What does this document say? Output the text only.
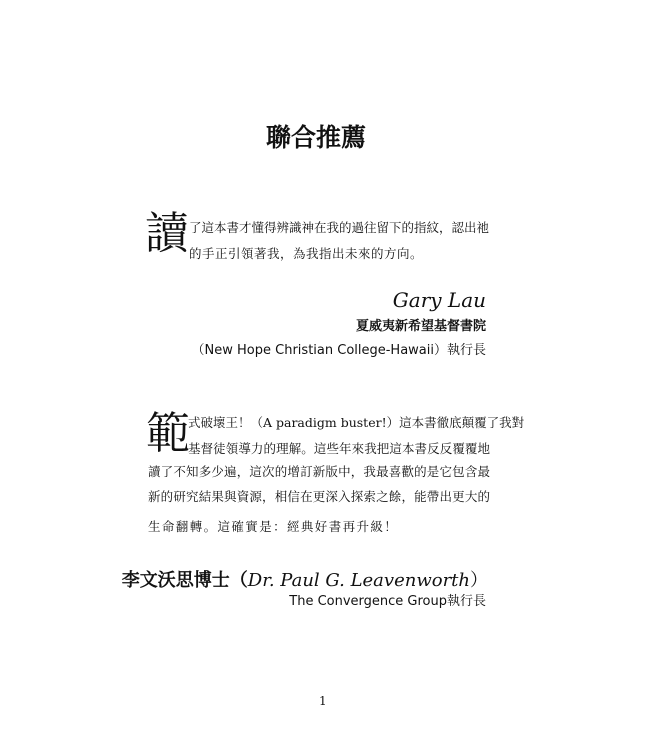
聯合推薦
讀 了這本書才懂得辨識神在我的過往留下的指紋，認出祂
的手正引領著我，為我指出未來的方向。
Gary Lau
夏威夷新希望基督書院
（New Hope Christian College-Hawaii）執行長
範
式破壞王！（A paradigm buster!）這本書徹底顛覆了我對
基督徒領導力的理解。這些年來我把這本書反反覆覆地
讀了不知多少遍，這次的增訂新版中，我最喜歡的是它包含最
新的研究結果與資源，相信在更深入探索之餘，能帶出更大的
生命翻轉。這確實是：經典好書再升級！
李文沃思博士（Dr. Paul G. Leavenworth）
The Convergence Group執行長
1
